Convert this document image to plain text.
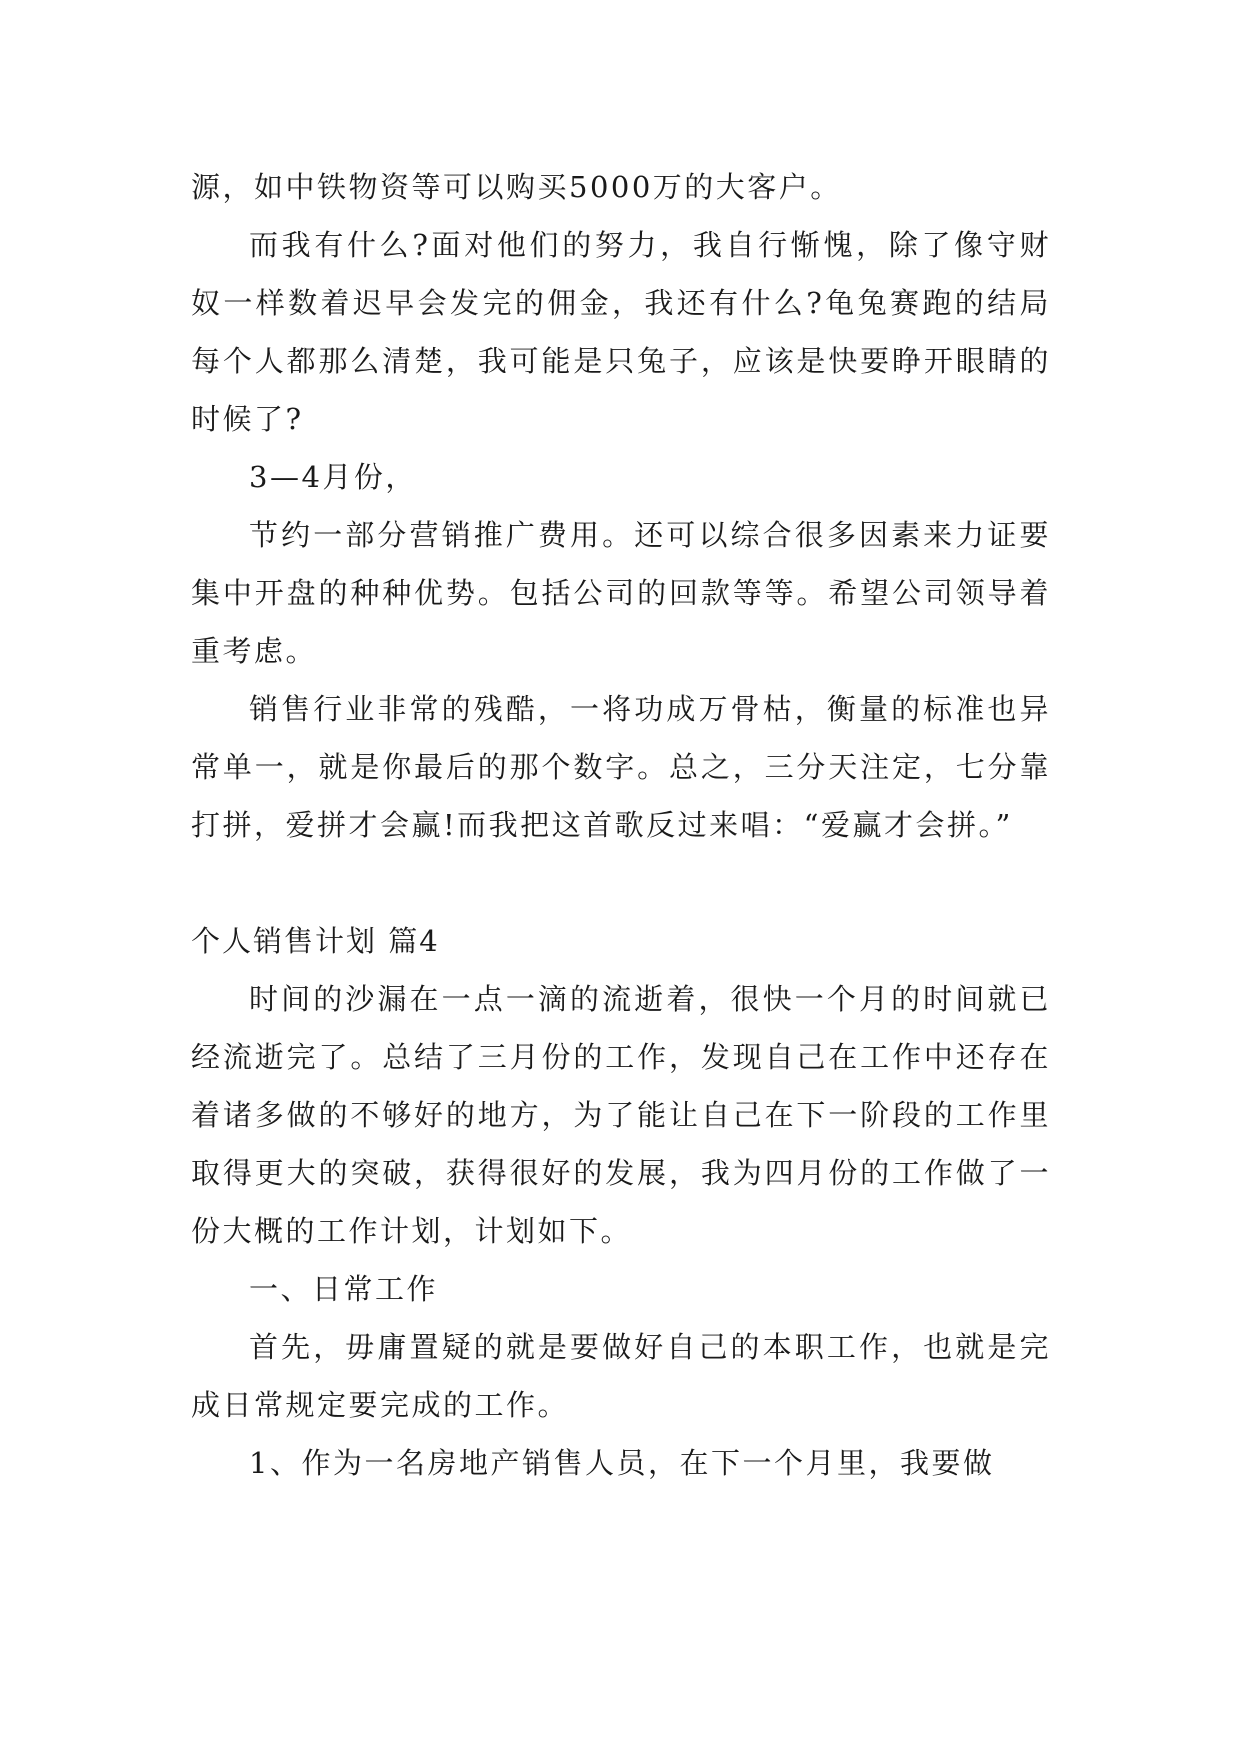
源，如中铁物资等可以购买5000万的大客户。

而我有什么?面对他们的努力，我自行惭愧，除了像守财奴一样数着迟早会发完的佣金，我还有什么?龟兔赛跑的结局每个人都那么清楚，我可能是只兔子，应该是快要睁开眼睛的时候了?

3—4月份，

节约一部分营销推广费用。还可以综合很多因素来力证要集中开盘的种种优势。包括公司的回款等等。希望公司领导着重考虑。

销售行业非常的残酷，一将功成万骨枯，衡量的标准也异常单一，就是你最后的那个数字。总之，三分天注定，七分靠打拼，爱拼才会赢!而我把这首歌反过来唱：“爱赢才会拼。”

个人销售计划 篇4

时间的沙漏在一点一滴的流逝着，很快一个月的时间就已经流逝完了。总结了三月份的工作，发现自己在工作中还存在着诸多做的不够好的地方，为了能让自己在下一阶段的工作里取得更大的突破，获得很好的发展，我为四月份的工作做了一份大概的工作计划，计划如下。

一、日常工作

首先，毋庸置疑的就是要做好自己的本职工作，也就是完成日常规定要完成的工作。

1、作为一名房地产销售人员，在下一个月里，我要做
